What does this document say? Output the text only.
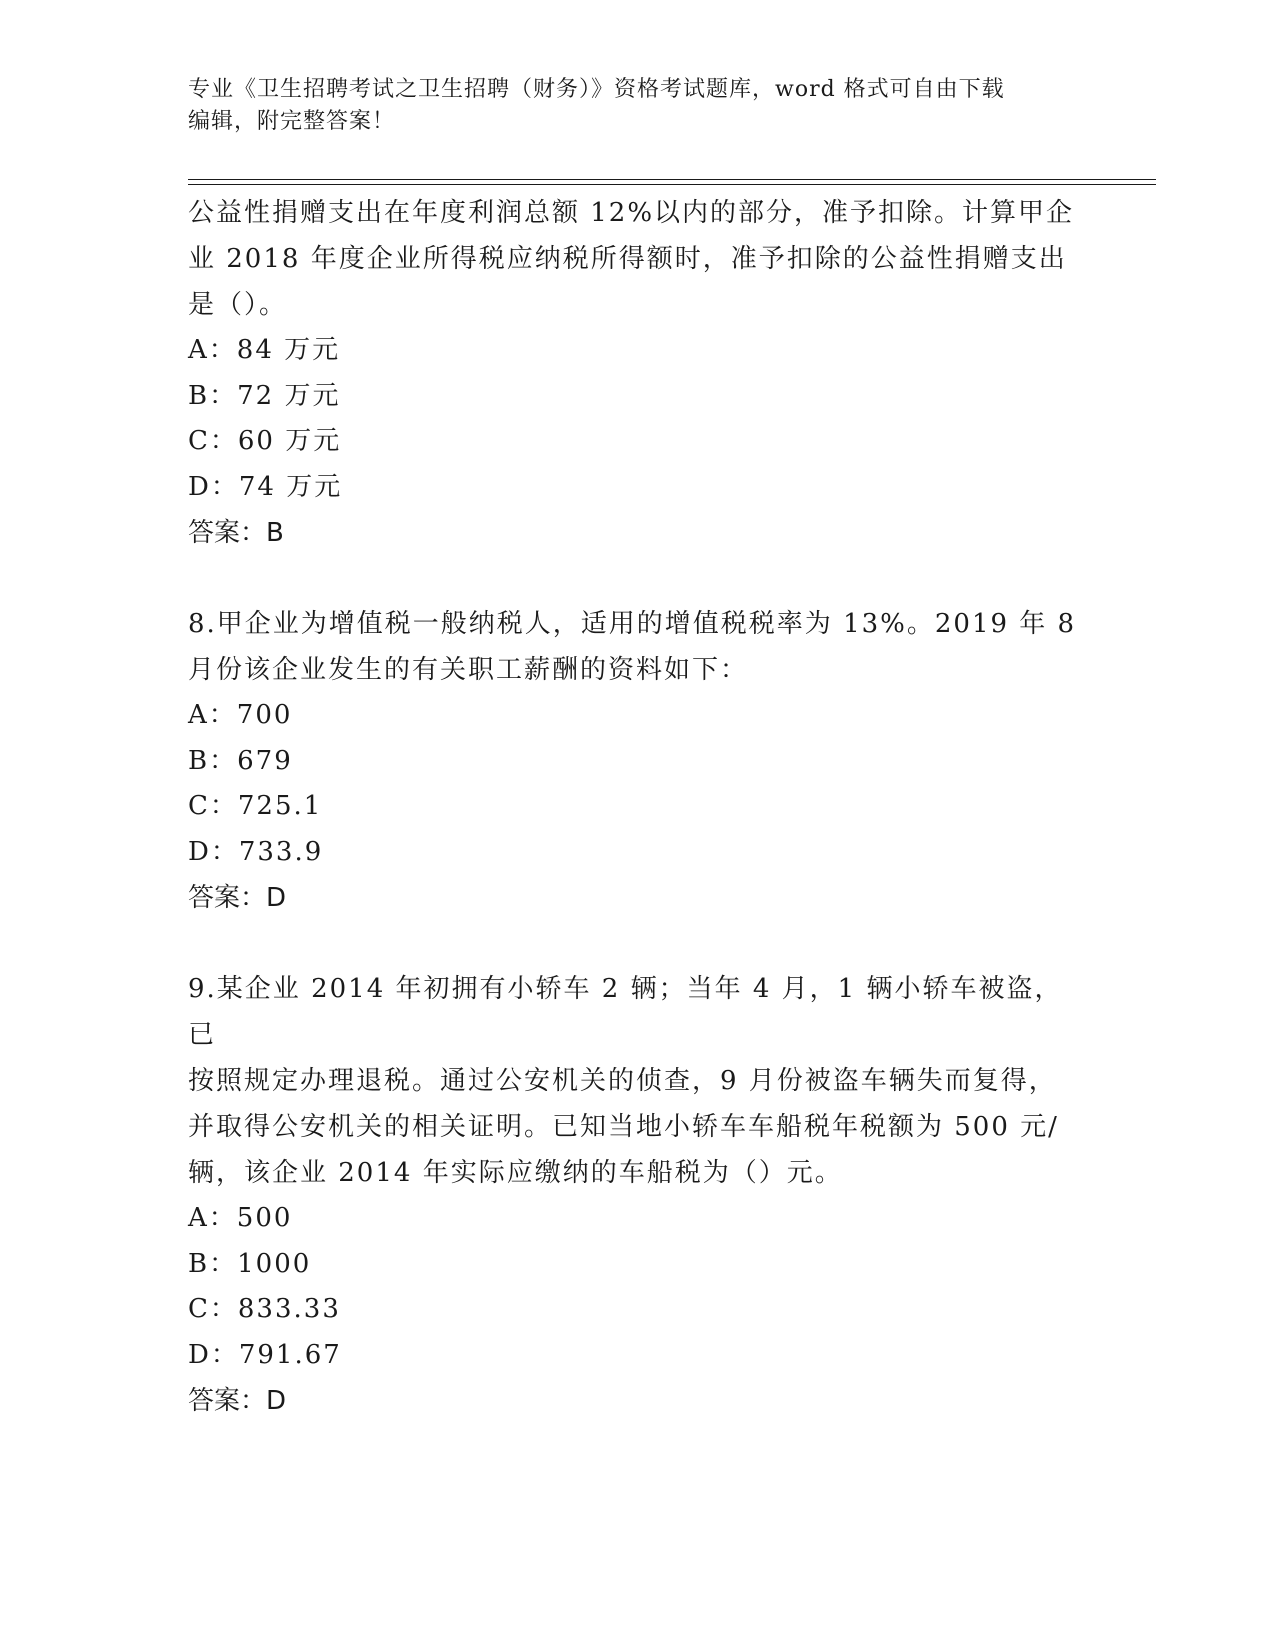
专业《卫生招聘考试之卫生招聘（财务）》资格考试题库，word 格式可自由下载
编辑，附完整答案！

公益性捐赠支出在年度利润总额 12%以内的部分，准予扣除。计算甲企

业 2018 年度企业所得税应纳税所得额时，准予扣除的公益性捐赠支出

是（）。

A：84 万元

B：72 万元

C：60 万元

D：74 万元

答案：B

8.甲企业为增值税一般纳税人，适用的增值税税率为 13%。2019 年 8

月份该企业发生的有关职工薪酬的资料如下：

A：700

B：679

C：725.1

D：733.9

答案：D

9.某企业 2014 年初拥有小轿车 2 辆；当年 4 月，1 辆小轿车被盗，已

按照规定办理退税。通过公安机关的侦查，9 月份被盗车辆失而复得，

并取得公安机关的相关证明。已知当地小轿车车船税年税额为 500 元/

辆，该企业 2014 年实际应缴纳的车船税为（）元。

A：500

B：1000

C：833.33

D：791.67

答案：D
